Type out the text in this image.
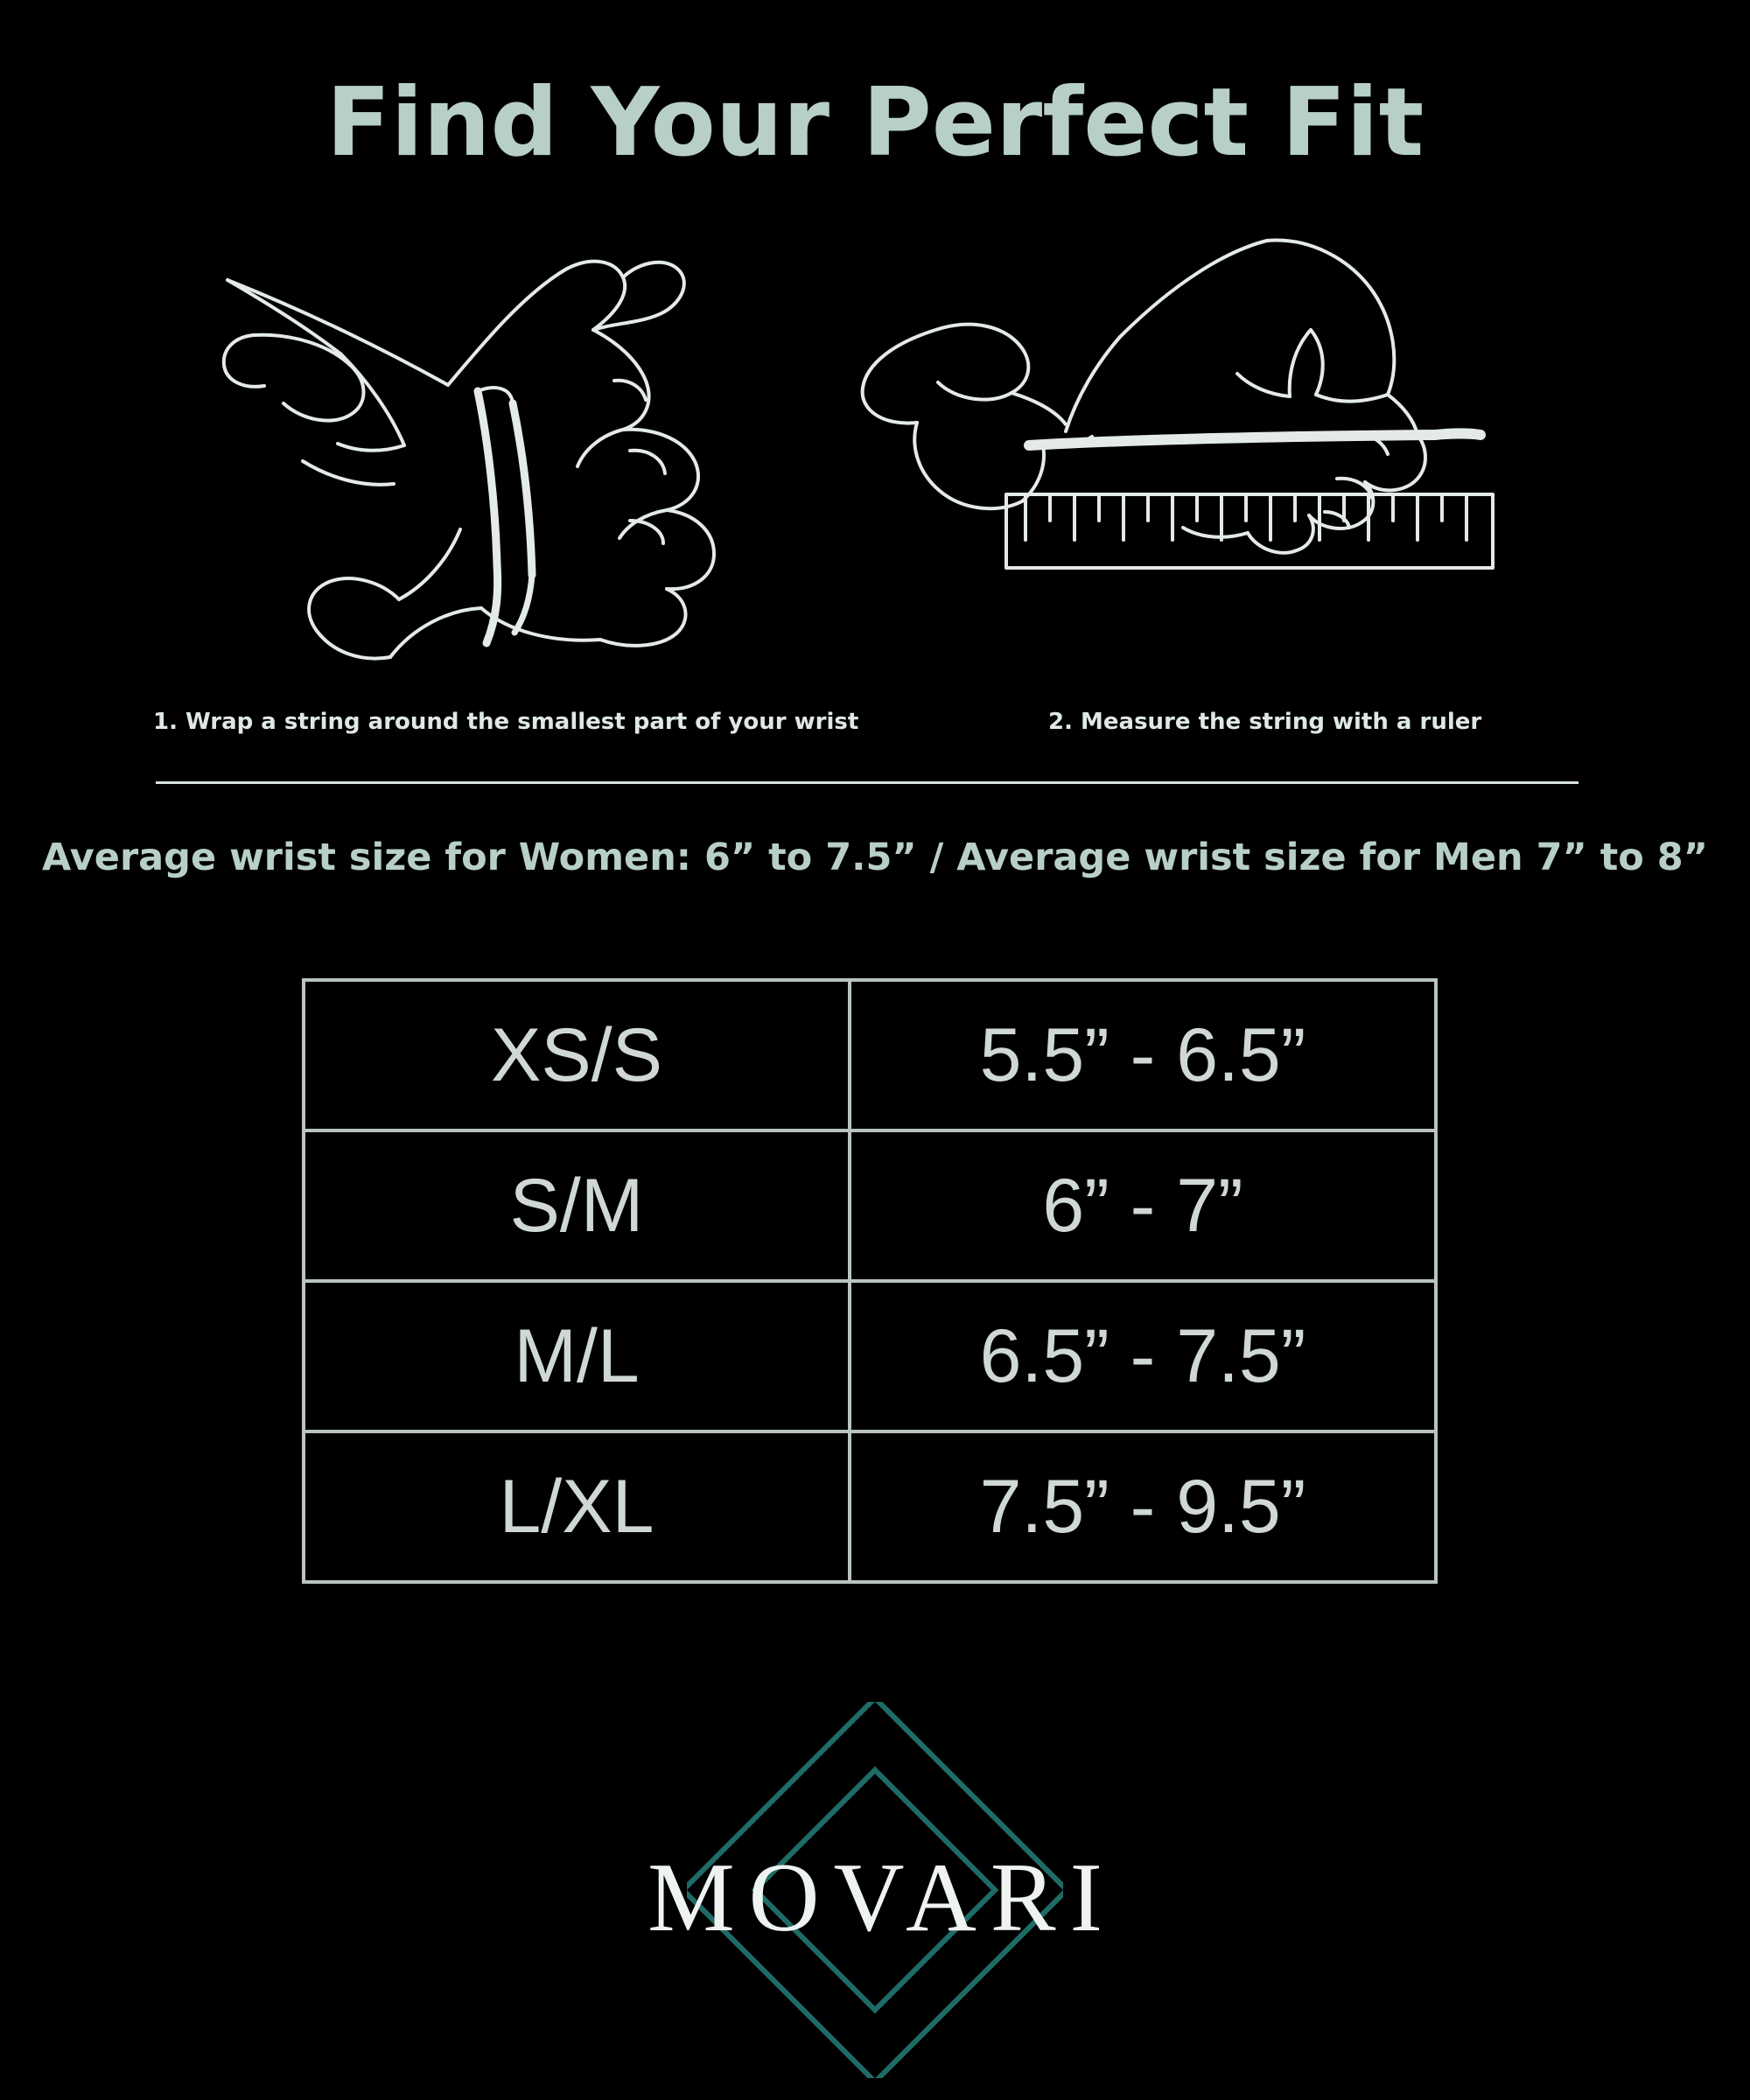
Find Your Perfect Fit
1. Wrap a string around the smallest part of your wrist	2. Measure the string with a ruler
Average wrist size for Women: 6” to 7.5” / Average wrist size for Men 7” to 8”
XS/S	5.5” - 6.5”
S/M	6” - 7”
M/L	6.5” - 7.5”
L/XL	7.5” - 9.5”
MOVARI
